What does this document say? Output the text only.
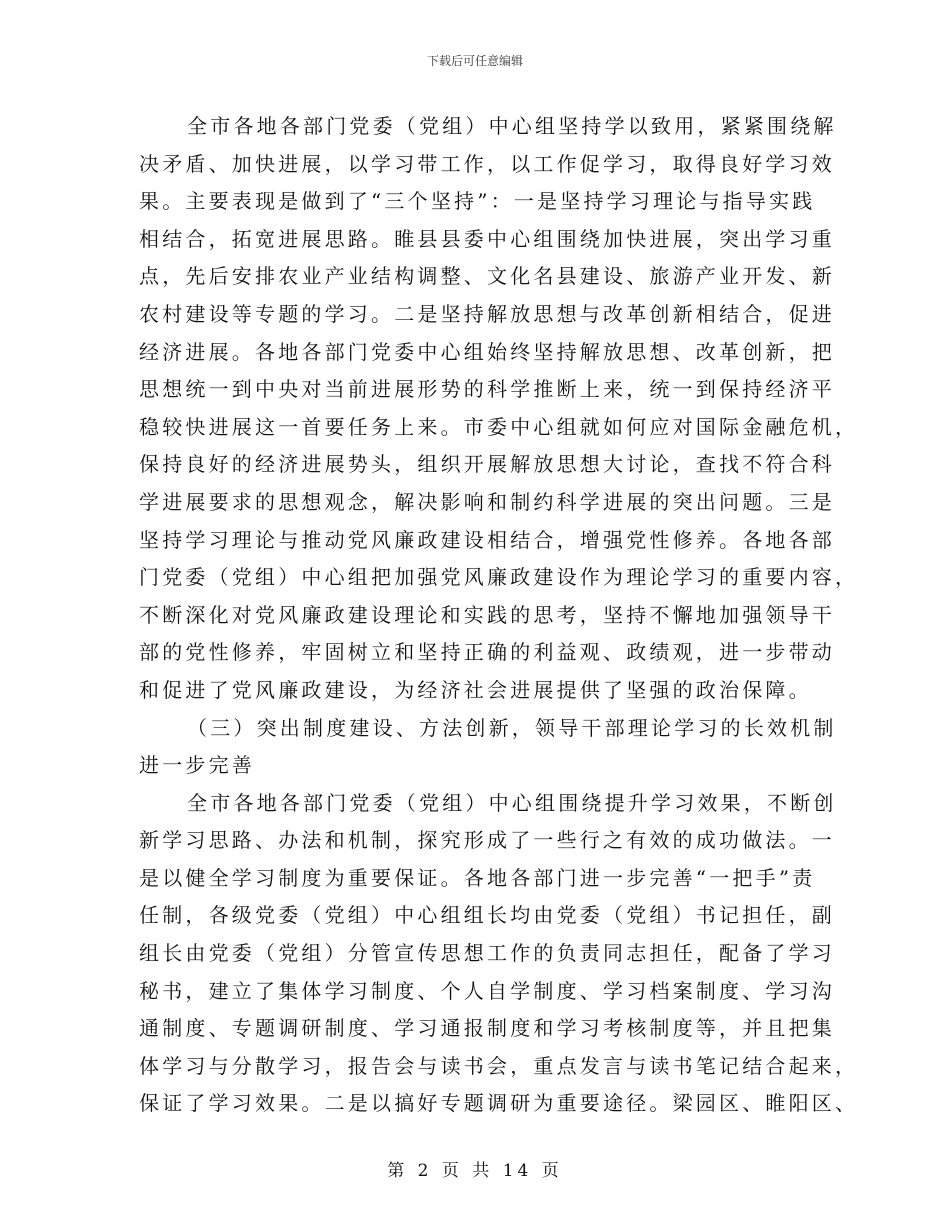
下载后可任意编辑
全市各地各部门党委（党组）中心组坚持学以致用，紧紧围绕解
决矛盾、加快进展，以学习带工作，以工作促学习，取得良好学习效
果。主要表现是做到了“三个坚持”：一是坚持学习理论与指导实践
相结合，拓宽进展思路。睢县县委中心组围绕加快进展，突出学习重
点，先后安排农业产业结构调整、文化名县建设、旅游产业开发、新
农村建设等专题的学习。二是坚持解放思想与改革创新相结合，促进
经济进展。各地各部门党委中心组始终坚持解放思想、改革创新，把
思想统一到中央对当前进展形势的科学推断上来，统一到保持经济平
稳较快进展这一首要任务上来。市委中心组就如何应对国际金融危机，
保持良好的经济进展势头，组织开展解放思想大讨论，查找不符合科
学进展要求的思想观念，解决影响和制约科学进展的突出问题。三是
坚持学习理论与推动党风廉政建设相结合，增强党性修养。各地各部
门党委（党组）中心组把加强党风廉政建设作为理论学习的重要内容，
不断深化对党风廉政建设理论和实践的思考，坚持不懈地加强领导干
部的党性修养，牢固树立和坚持正确的利益观、政绩观，进一步带动
和促进了党风廉政建设，为经济社会进展提供了坚强的政治保障。
（三）突出制度建设、方法创新，领导干部理论学习的长效机制
进一步完善
全市各地各部门党委（党组）中心组围绕提升学习效果，不断创
新学习思路、办法和机制，探究形成了一些行之有效的成功做法。一
是以健全学习制度为重要保证。各地各部门进一步完善“一把手”责
任制，各级党委（党组）中心组组长均由党委（党组）书记担任，副
组长由党委（党组）分管宣传思想工作的负责同志担任，配备了学习
秘书，建立了集体学习制度、个人自学制度、学习档案制度、学习沟
通制度、专题调研制度、学习通报制度和学习考核制度等，并且把集
体学习与分散学习，报告会与读书会，重点发言与读书笔记结合起来，
保证了学习效果。二是以搞好专题调研为重要途径。梁园区、睢阳区、
第 2 页 共 14 页
